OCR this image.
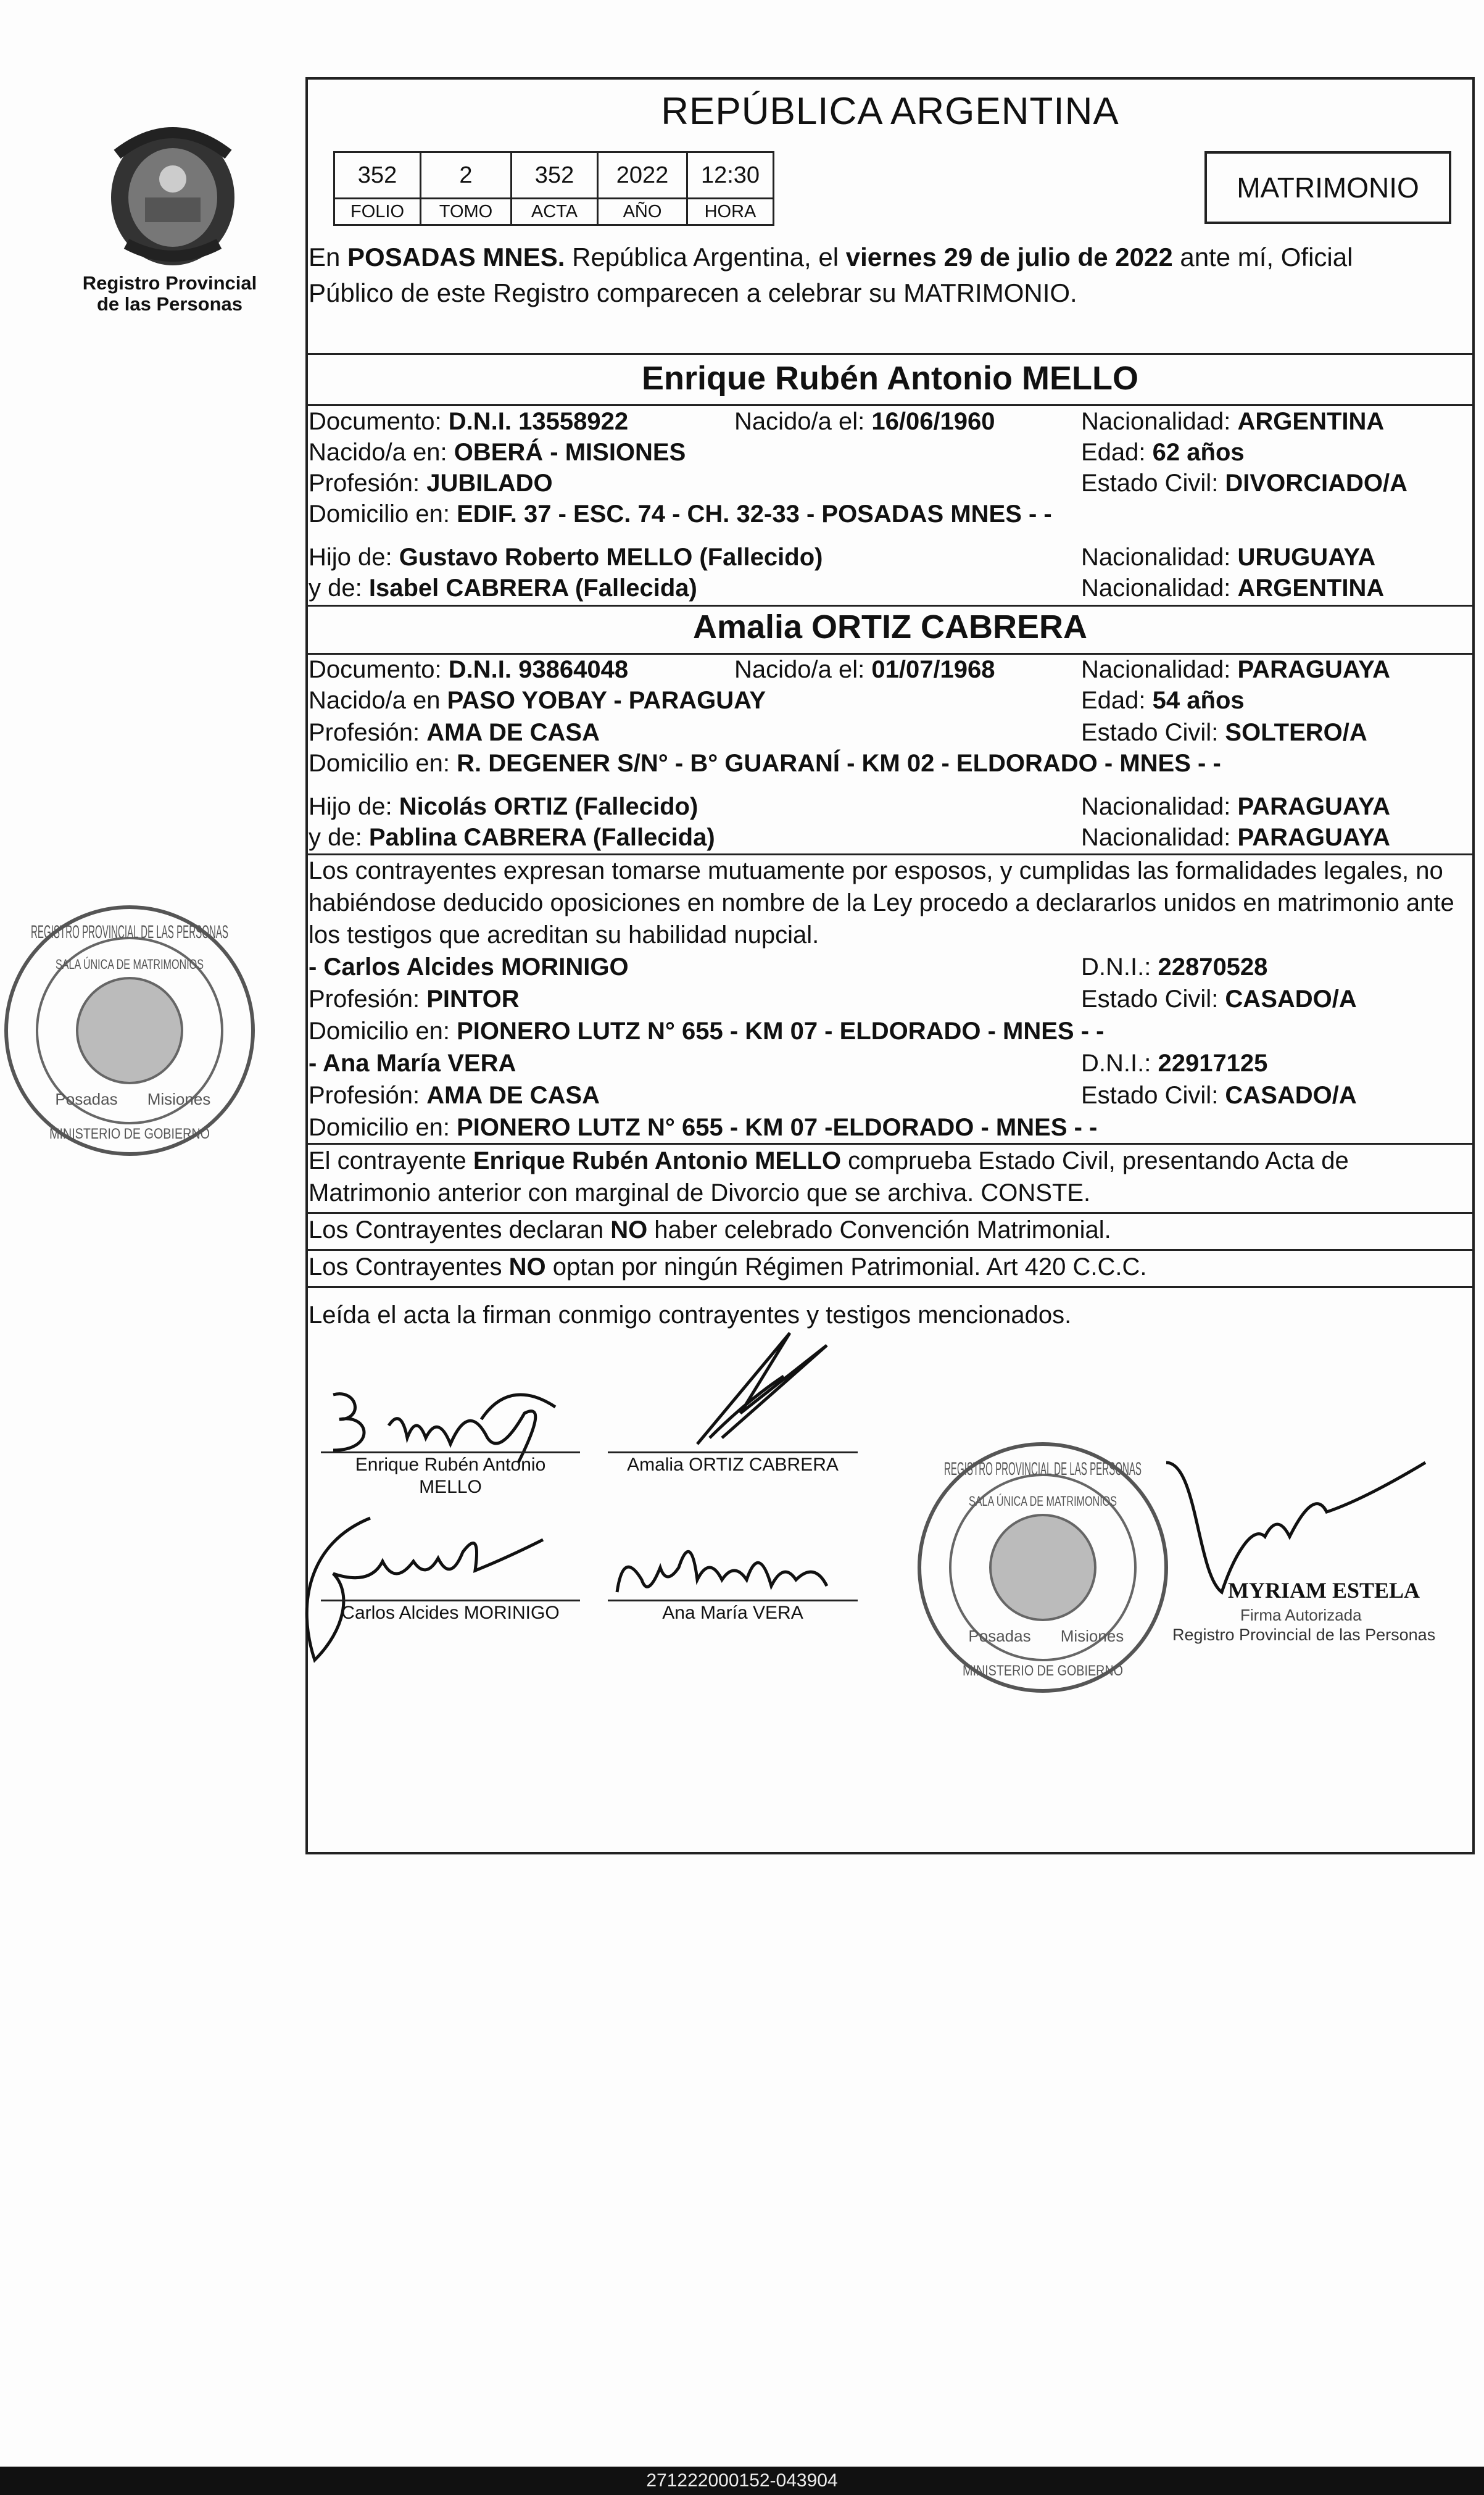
Registro Provincial
de las Personas
REPÚBLICA ARGENTINA
352	2	352	2022	12:30
FOLIO	TOMO	ACTA	AÑO	HORA
MATRIMONIO
En POSADAS MNES. República Argentina, el viernes 29 de julio de 2022 ante mí, Oficial
Público de este Registro comparecen a celebrar su MATRIMONIO.
Enrique Rubén Antonio MELLO
Documento: D.N.I. 13558922	Nacido/a el: 16/06/1960	Nacionalidad: ARGENTINA
Nacido/a en: OBERÁ - MISIONES	Edad: 62 años
Profesión: JUBILADO	Estado Civil: DIVORCIADO/A
Domicilio en: EDIF. 37 - ESC. 74 - CH. 32-33 - POSADAS MNES - -
Hijo de: Gustavo Roberto MELLO (Fallecido)	Nacionalidad: URUGUAYA
y de: Isabel CABRERA (Fallecida)	Nacionalidad: ARGENTINA
Amalia ORTIZ CABRERA
Documento: D.N.I. 93864048	Nacido/a el: 01/07/1968	Nacionalidad: PARAGUAYA
Nacido/a en PASO YOBAY - PARAGUAY	Edad: 54 años
Profesión: AMA DE CASA	Estado Civil: SOLTERO/A
Domicilio en: R. DEGENER S/N° - B° GUARANÍ - KM 02 - ELDORADO - MNES - -
Hijo de: Nicolás ORTIZ (Fallecido)	Nacionalidad: PARAGUAYA
y de: Pablina CABRERA (Fallecida)	Nacionalidad: PARAGUAYA
Los contrayentes expresan tomarse mutuamente por esposos, y cumplidas las formalidades legales, no
habiéndose deducido oposiciones en nombre de la Ley procedo a declararlos unidos en matrimonio ante
los testigos que acreditan su habilidad nupcial.
- Carlos Alcides MORINIGO	D.N.I.: 22870528
Profesión: PINTOR	Estado Civil: CASADO/A
Domicilio en: PIONERO LUTZ N° 655 - KM 07 - ELDORADO - MNES - -
- Ana María VERA	D.N.I.: 22917125
Profesión: AMA DE CASA	Estado Civil: CASADO/A
Domicilio en: PIONERO LUTZ N° 655 - KM 07 -ELDORADO - MNES - -
El contrayente Enrique Rubén Antonio MELLO comprueba Estado Civil, presentando Acta de
Matrimonio anterior con marginal de Divorcio que se archiva. CONSTE.
Los Contrayentes declaran NO haber celebrado Convención Matrimonial.
Los Contrayentes NO optan por ningún Régimen Patrimonial. Art 420 C.C.C.
Leída el acta la firman conmigo contrayentes y testigos mencionados.
Enrique Rubén Antonio
MELLO
Amalia ORTIZ CABRERA
Carlos Alcides MORINIGO	Ana María VERA
MYRIAM ESTELA
Firma Autorizada
Registro Provincial de las Personas
REGISTRO PROVINCIAL DE LAS PERSONAS
SALA ÚNICA DE MATRIMONIOS
Posadas Misiones
MINISTERIO DE GOBIERNO
REGISTRO PROVINCIAL DE LAS PERSONAS
SALA ÚNICA DE MATRIMONIOS
Posadas Misiones
MINISTERIO DE GOBIERNO
271222000152-043904
